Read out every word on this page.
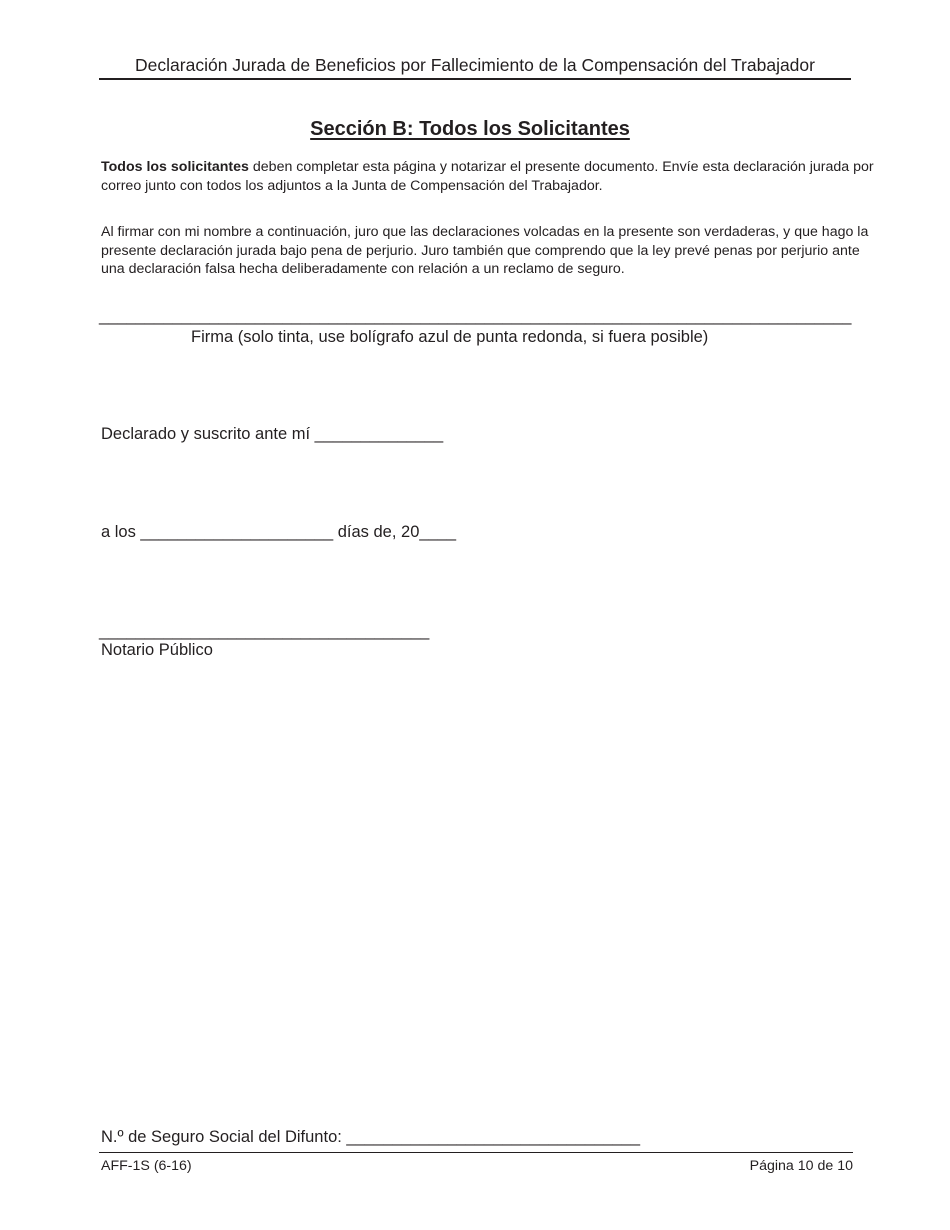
Declaración Jurada de Beneficios por Fallecimiento de la Compensación del Trabajador
Sección B: Todos los Solicitantes
Todos los solicitantes deben completar esta página y notarizar el presente documento. Envíe esta declaración jurada por correo junto con todos los adjuntos a la Junta de Compensación del Trabajador.
Al firmar con mi nombre a continuación, juro que las declaraciones volcadas en la presente son verdaderas, y que hago la presente declaración jurada bajo pena de perjurio. Juro también que comprendo que la ley prevé penas por perjurio ante una declaración falsa hecha deliberadamente con relación a un reclamo de seguro.
__________________________________________________________________________________
Firma (solo tinta, use bolígrafo azul de punta redonda, si fuera posible)
Declarado y suscrito ante mí ______________
a los _____________________ días de, 20____
____________________________________
Notario Público
N.º de Seguro Social del Difunto: ________________________________
AFF-1S (6-16)	Página 10 de 10
